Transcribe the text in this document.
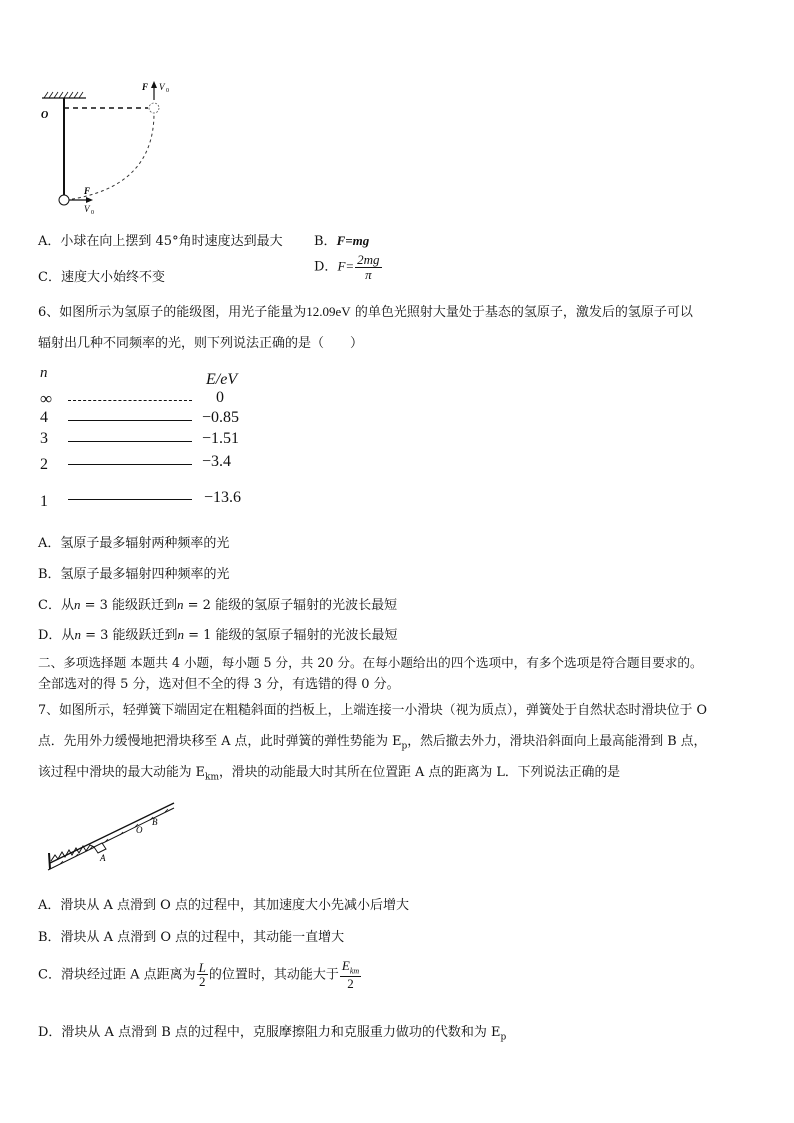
F V 0
O
F
V 0
A．小球在向上摆到 45°角时速度达到最大 B．F=mg
C．速度大小始终不变
D．$F= \frac{2mg}{\pi}$
6、如图所示为氢原子的能级图，用光子能量为12.09eV 的单色光照射大量处于基态的氢原子，激发后的氢原子可以
辐射出几种不同频率的光，则下列说法正确的是（　　）
n	E/eV
∞	0
4	−0.85
3	−1.51
2	−3.4
1	−13.6
A．氢原子最多辐射两种频率的光
B．氢原子最多辐射四种频率的光
C．从n = 3 能级跃迁到n = 2 能级的氢原子辐射的光波长最短
D．从n = 3 能级跃迁到n = 1 能级的氢原子辐射的光波长最短
二、多项选择题 本题共 4 小题，每小题 5 分，共 20 分。在每小题给出的四个选项中，有多个选项是符合题目要求的。
全部选对的得 5 分，选对但不全的得 3 分，有选错的得 0 分。
7、如图所示，轻弹簧下端固定在粗糙斜面的挡板上，上端连接一小滑块（视为质点），弹簧处于自然状态时滑块位于 O
点．先用外力缓慢地把滑块移至 A 点，此时弹簧的弹性势能为 $E_p$，然后撤去外力，滑块沿斜面向上最高能滑到 B 点，
该过程中滑块的最大动能为 $E_{km}$，滑块的动能最大时其所在位置距 A 点的距离为 L．下列说法正确的是
A
O
B
A．滑块从 A 点滑到 O 点的过程中，其加速度大小先减小后增大
B．滑块从 A 点滑到 O 点的过程中，其动能一直增大
C．滑块经过距 A 点距离为 $\frac{L}{2}$ 的位置时，其动能大于 $\frac{E_{km}}{2}$
D．滑块从 A 点滑到 B 点的过程中，克服摩擦阻力和克服重力做功的代数和为 $E_p$
